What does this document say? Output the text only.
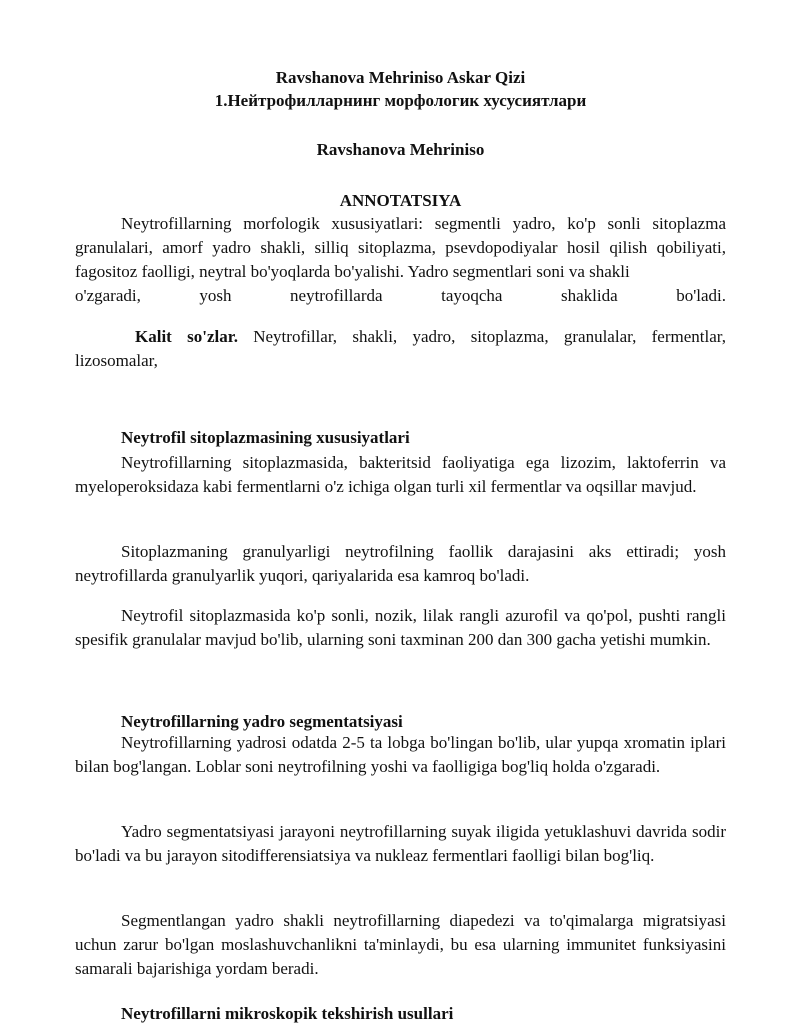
Ravshanova Mehriniso Askar Qizi
1.Нейтрофилларнинг морфологик хусусиятлари
Ravshanova Mehriniso
ANNOTATSIYA

Neytrofillarning morfologik xususiyatlari: segmentli yadro, ko'p sonli sitoplazma granulalari, amorf yadro shakli, silliq sitoplazma, psevdopodiyalar hosil qilish qobiliyati, fagositoz faolligi, neytral bo'yoqlarda bo'yalishi. Yadro segmentlari soni va shakli

o'zgaradi, yosh neytrofillarda tayoqcha shaklida bo'ladi.

Kalit so'zlar. Neytrofillar, shakli, yadro, sitoplazma, granulalar, fermentlar, lizosomalar,

Neytrofil sitoplazmasining xususiyatlari

Neytrofillarning sitoplazmasida, bakteritsid faoliyatiga ega lizozim, laktoferrin va myeloperoksidaza kabi fermentlarni o'z ichiga olgan turli xil fermentlar va oqsillar mavjud.

Sitoplazmaning granulyarligi neytrofilning faollik darajasini aks ettiradi; yosh neytrofillarda granulyarlik yuqori, qariyalarida esa kamroq bo'ladi.

Neytrofil sitoplazmasida ko'p sonli, nozik, lilak rangli azurofil va qo'pol, pushti rangli spesifik granulalar mavjud bo'lib, ularning soni taxminan 200 dan 300 gacha yetishi mumkin.

Neytrofillarning yadro segmentatsiyasi

Neytrofillarning yadrosi odatda 2-5 ta lobga bo'lingan bo'lib, ular yupqa xromatin iplari bilan bog'langan. Loblar soni neytrofilning yoshi va faolligiga bog'liq holda o'zgaradi.

Yadro segmentatsiyasi jarayoni neytrofillarning suyak iligida yetuklashuvi davrida sodir bo'ladi va bu jarayon sitodifferensiatsiya va nukleaz fermentlari faolligi bilan bog'liq.

Segmentlangan yadro shakli neytrofillarning diapedezi va to'qimalarga migratsiyasi uchun zarur bo'lgan moslashuvchanlikni ta'minlaydi, bu esa ularning immunitet funksiyasini samarali bajarishiga yordam beradi.

Neytrofillarni mikroskopik tekshirish usullari
